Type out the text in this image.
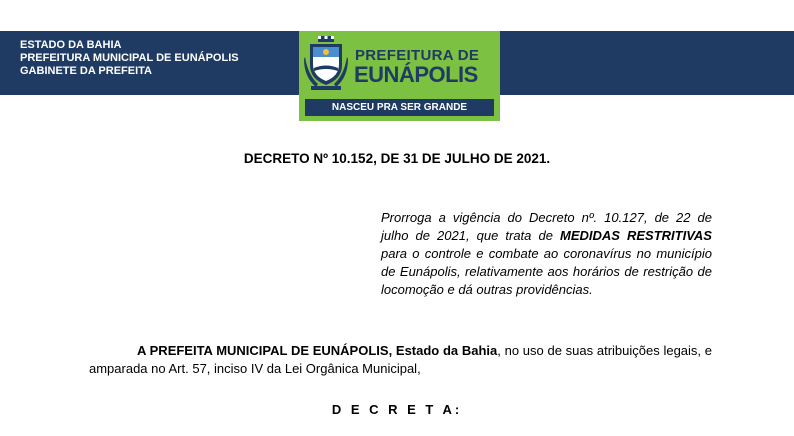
ESTADO DA BAHIA
PREFEITURA MUNICIPAL DE EUNÁPOLIS
GABINETE DA PREFEITA
PREFEITURA DE
EUNÁPOLIS
NASCEU PRA SER GRANDE
DECRETO Nº 10.152, DE 31 DE JULHO DE 2021.
Prorroga a vigência do Decreto nº. 10.127, de 22 de julho de 2021, que trata de MEDIDAS RESTRITIVAS para o controle e combate ao coronavírus no município de Eunápolis, relativamente aos horários de restrição de locomoção e dá outras providências.
A PREFEITA MUNICIPAL DE EUNÁPOLIS, Estado da Bahia, no uso de suas atribuições legais, e amparada no Art. 57, inciso IV da Lei Orgânica Municipal,
D E C R E T A:
